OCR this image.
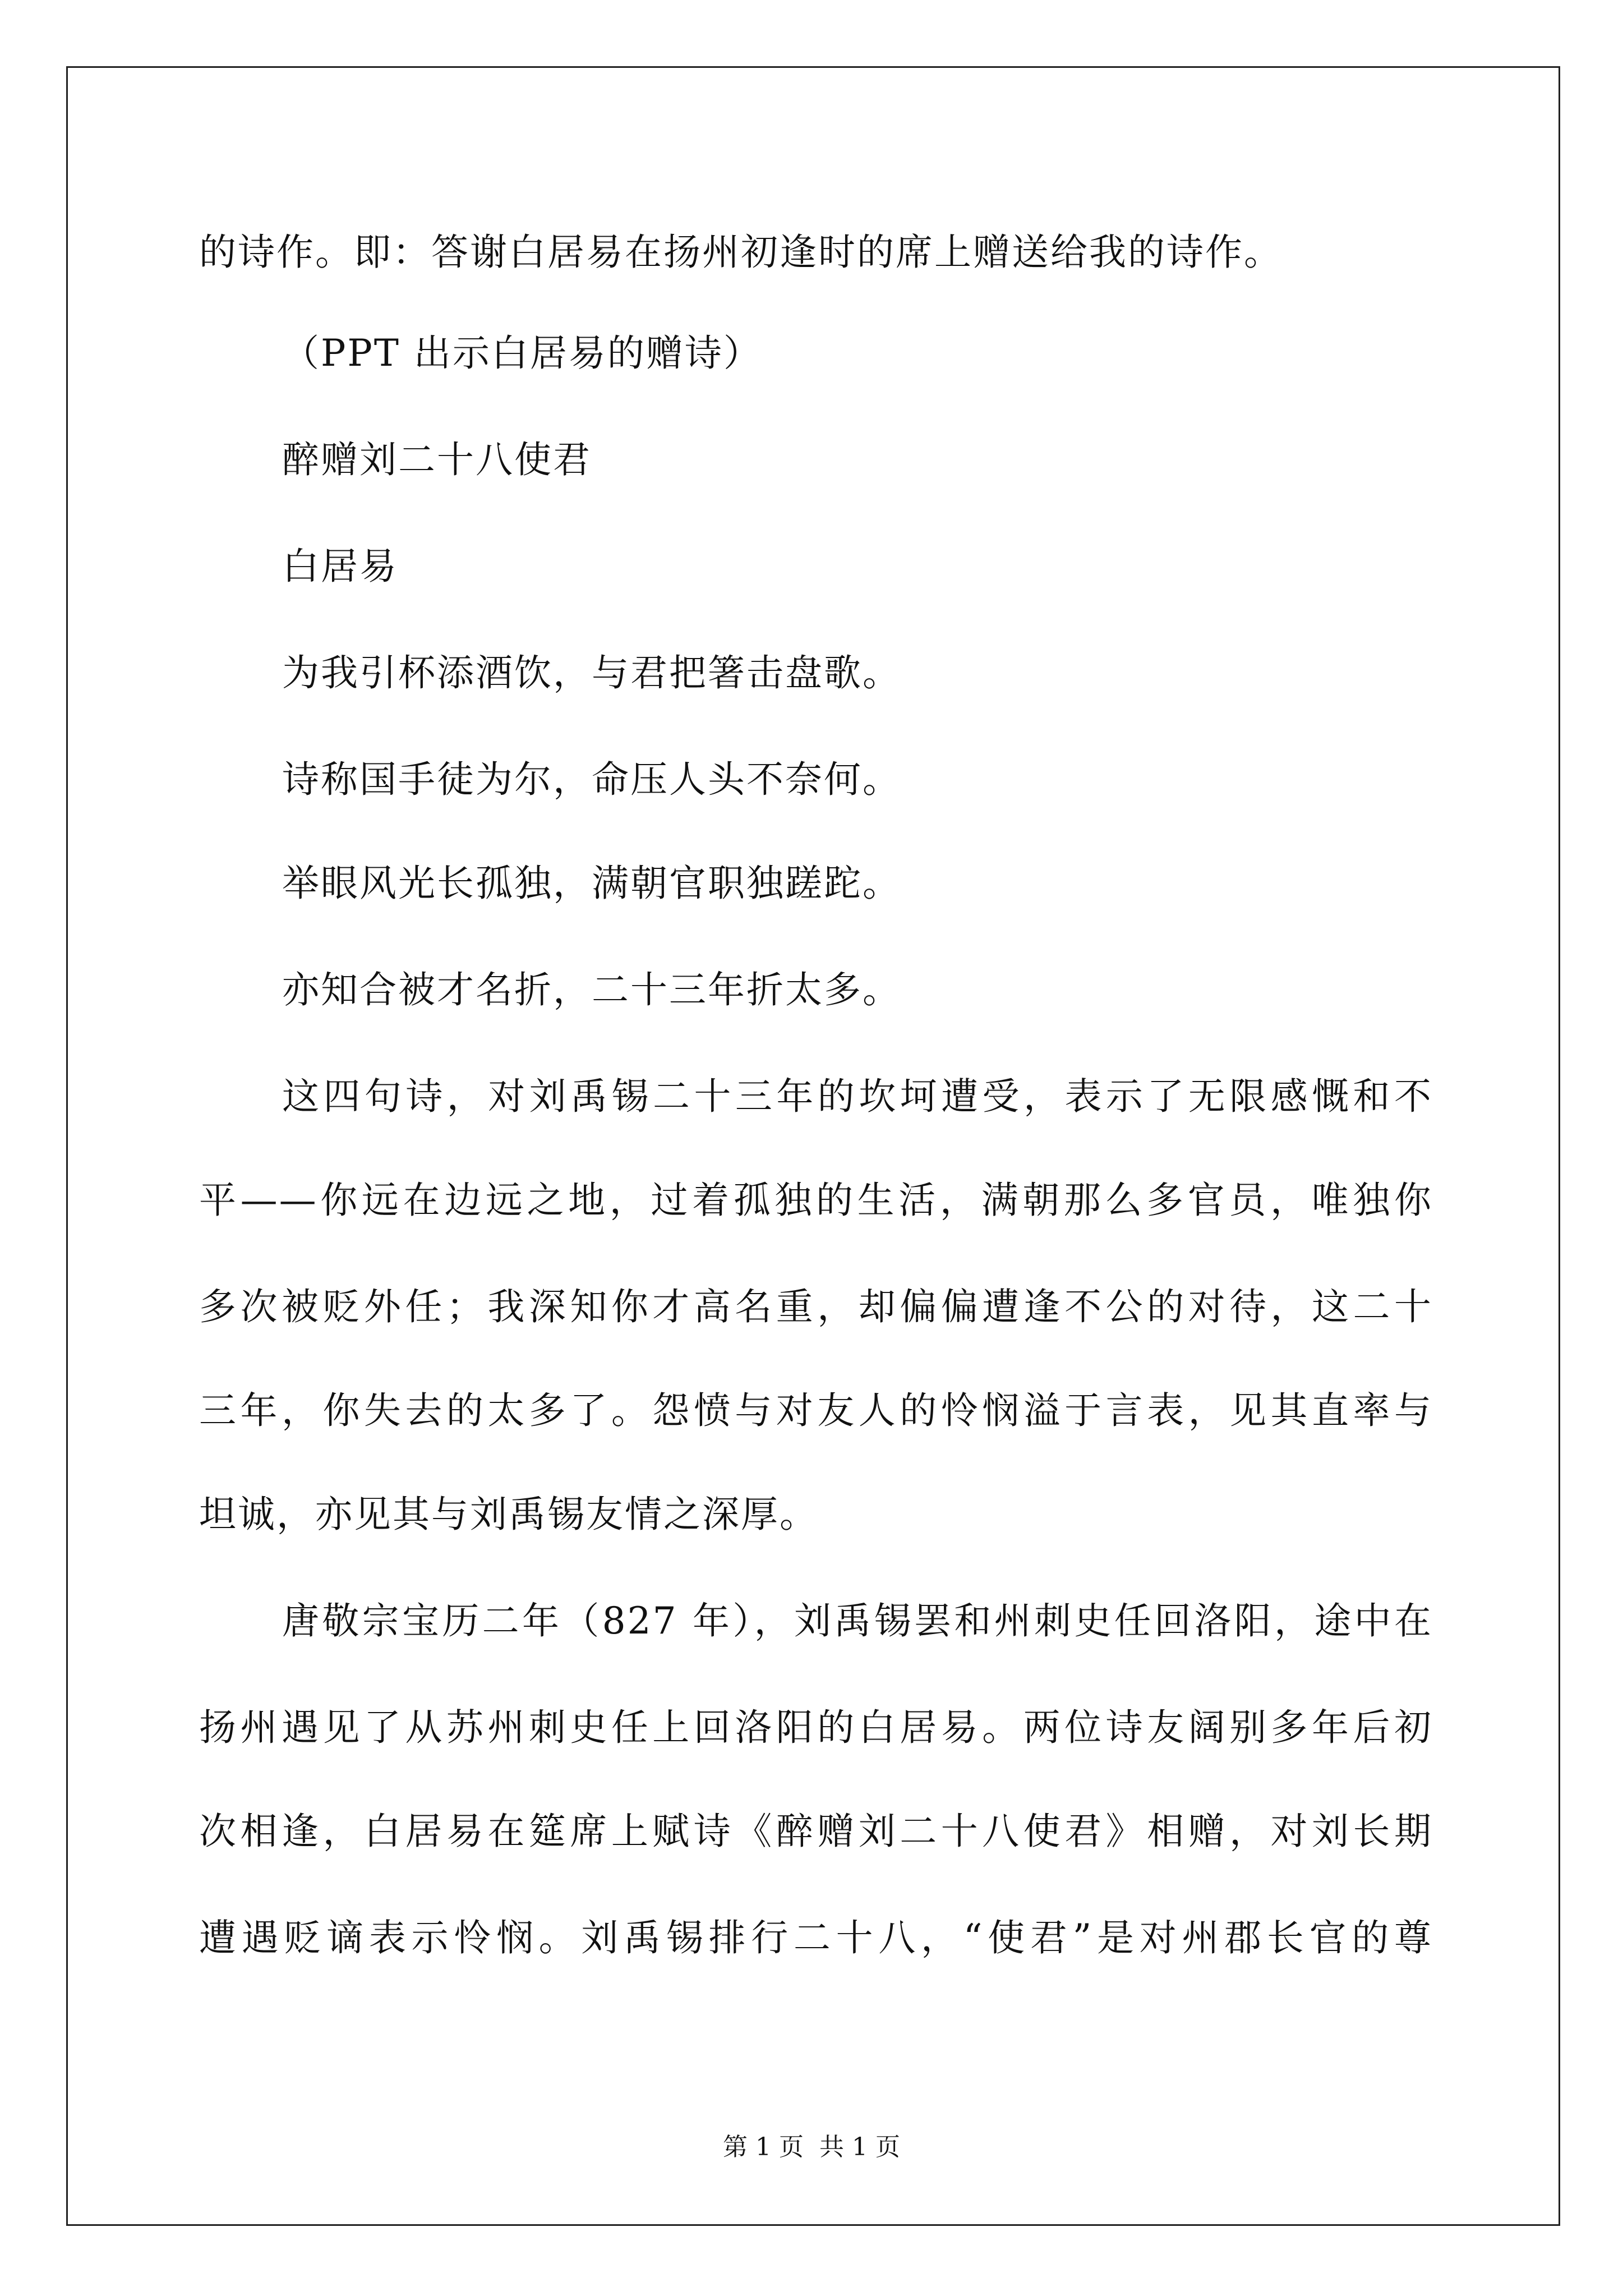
的诗作。即：答谢白居易在扬州初逢时的席上赠送给我的诗作。
（PPT 出示白居易的赠诗）
醉赠刘二十八使君
白居易
为我引杯添酒饮，与君把箸击盘歌。
诗称国手徒为尔，命压人头不奈何。
举眼风光长孤独，满朝官职独蹉跎。
亦知合被才名折，二十三年折太多。
这四句诗，对刘禹锡二十三年的坎坷遭受，表示了无限感慨和不
平——你远在边远之地，过着孤独的生活，满朝那么多官员，唯独你
多次被贬外任；我深知你才高名重，却偏偏遭逢不公的对待，这二十
三年，你失去的太多了。怨愤与对友人的怜悯溢于言表，见其直率与
坦诚，亦见其与刘禹锡友情之深厚。
唐敬宗宝历二年（827 年），刘禹锡罢和州刺史任回洛阳，途中在
扬州遇见了从苏州刺史任上回洛阳的白居易。两位诗友阔别多年后初
次相逢，白居易在筵席上赋诗《醉赠刘二十八使君》相赠，对刘长期
遭遇贬谪表示怜悯。刘禹锡排行二十八，“使君”是对州郡长官的尊
第 1 页 共 1 页
